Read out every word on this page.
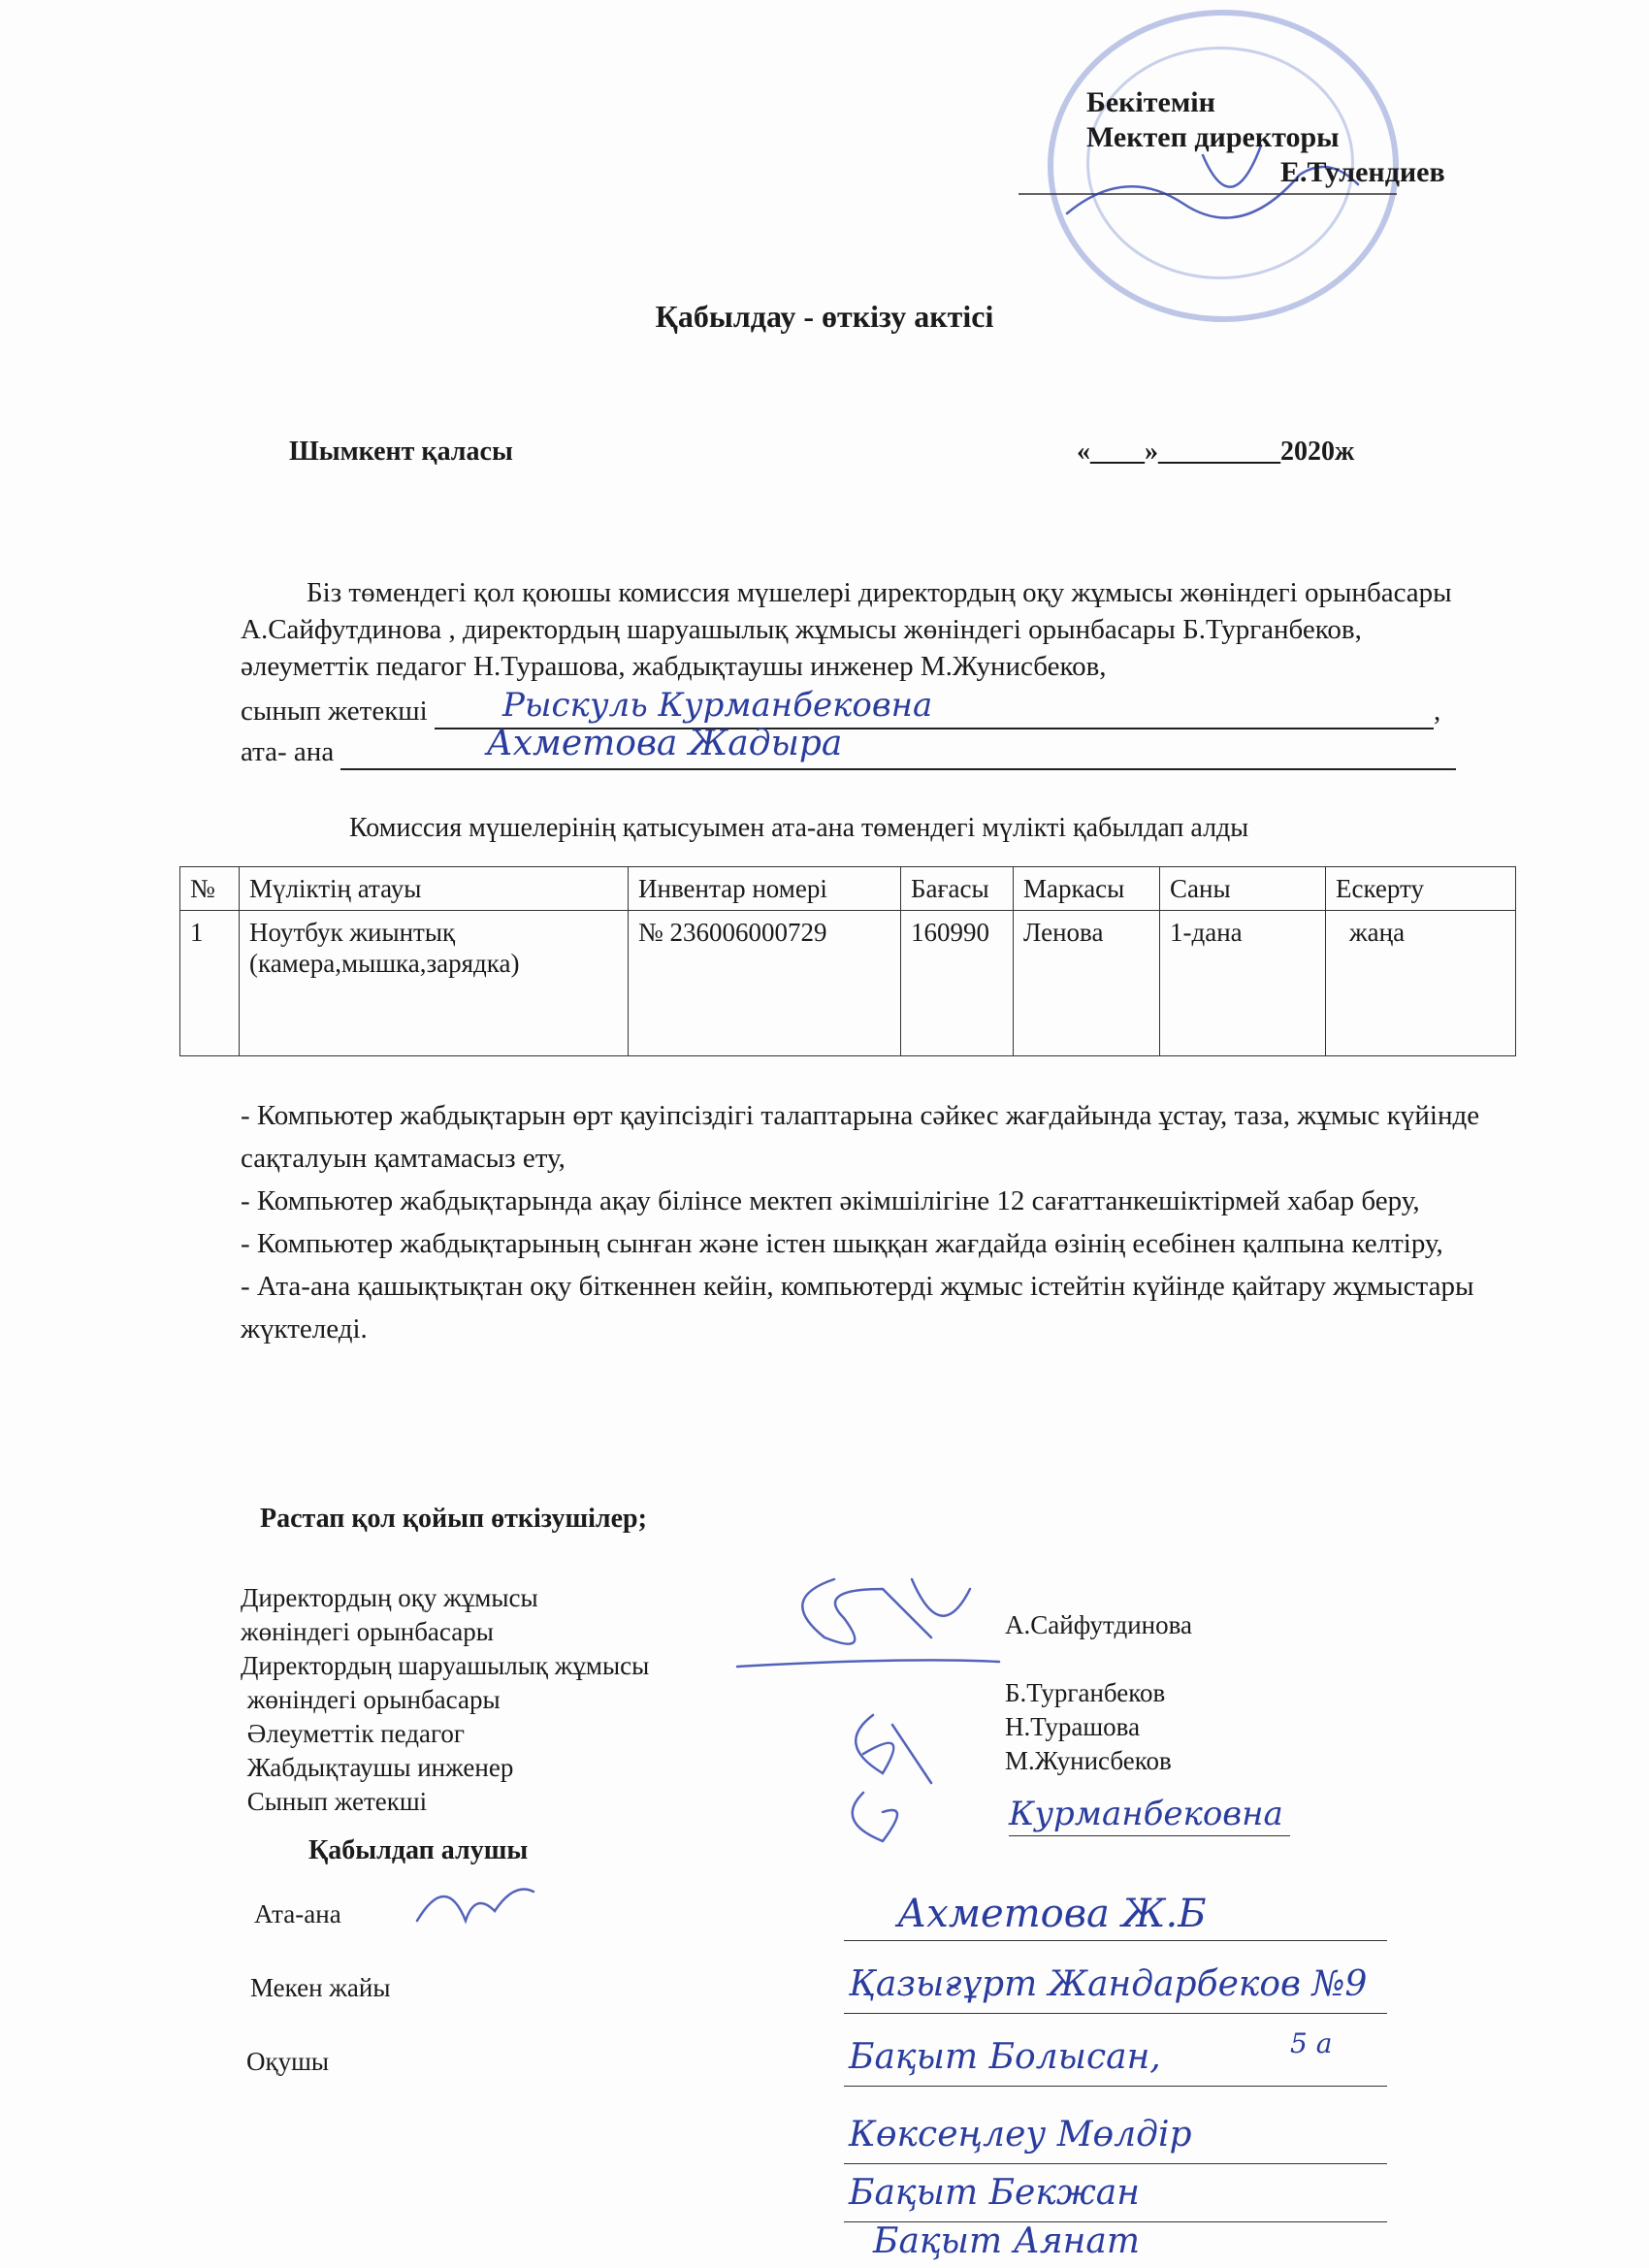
Бекітемін
Мектеп директоры
Е.Тулендиев
Қабылдау - өткізу актісі
Шымкент қаласы	«____»_________2020ж
Біз төмендегі қол қоюшы комиссия мүшелері директордың оқу жұмысы жөніндегі орынбасары А.Сайфутдинова , директордың шаруашылық жұмысы жөніндегі орынбасары Б.Турганбеков, әлеуметтік педагог Н.Турашова, жабдықтаушы инженер М.Жунисбеков,
сынып жетекші Рыскуль Курманбековна	,
ата- ана	Ахметова Жадыра
Комиссия мүшелерінің қатысуымен ата-ана төмендегі мүлікті қабылдап алды
№	Мүліктің атауы	Инвентар номері	Бағасы	Маркасы	Саны	Ескерту
1	Ноутбук жиынтық (камера,мышка,зарядка)	№ 236006000729	160990	Ленова	1-дана	жаңа
- Компьютер жабдықтарын өрт қауіпсіздігі талаптарына сәйкес жағдайында ұстау, таза, жұмыс күйінде сақталуын қамтамасыз ету,
- Компьютер жабдықтарында ақау білінсе мектеп әкімшілігіне 12 сағаттанкешіктірмей хабар беру,
- Компьютер жабдықтарының сынған және істен шыққан жағдайда өзінің есебінен қалпына келтіру,
- Ата-ана қашықтықтан оқу біткеннен кейін, компьютерді жұмыс істейтін күйінде қайтару жұмыстары жүктеледі.
Растап қол қойып өткізушілер;
Директордың оқу жұмысы
жөніндегі орынбасары
Директордың шаруашылық жұмысы
жөніндегі орынбасары
Әлеуметтік педагог
Жабдықтаушы инженер
Сынып жетекші
А.Сайфутдинова
Б.Турганбеков
Н.Турашова
М.Жунисбеков
Курманбековна
Қабылдап алушы
Ата-ана	Ахметова Ж.Б
Мекен жайы	Қазығұрт Жандарбеков №9
Бақыт Болысан,	5 а
Оқушы
Көксеңлеу Мөлдір
Бақыт Бекжан
Бақыт Аянат
